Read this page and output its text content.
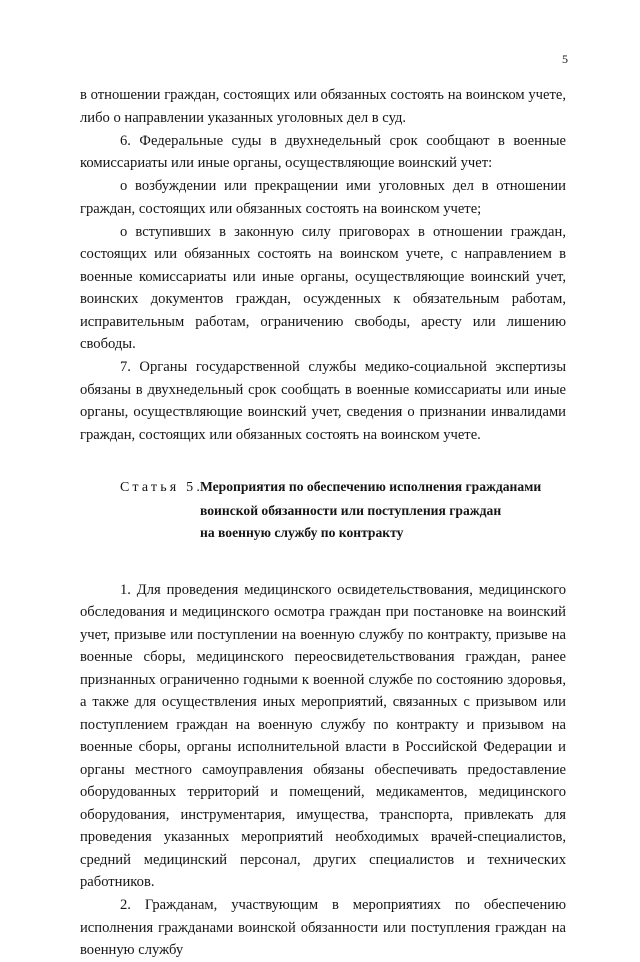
5

в отношении граждан, состоящих или обязанных состоять на воинском учете, либо о направлении указанных уголовных дел в суд.

6. Федеральные суды в двухнедельный срок сообщают в военные комиссариаты или иные органы, осуществляющие воинский учет:

о возбуждении или прекращении ими уголовных дел в отношении граждан, состоящих или обязанных состоять на воинском учете;

о вступивших в законную силу приговорах в отношении граждан, состоящих или обязанных состоять на воинском учете, с направлением в военные комиссариаты или иные органы, осуществляющие воинский учет, воинских документов граждан, осужденных к обязательным работам, исправительным работам, ограничению свободы, аресту или лишению свободы.

7. Органы государственной службы медико-социальной экспертизы обязаны в двухнедельный срок сообщать в военные комиссариаты или иные органы, осуществляющие воинский учет, сведения о признании инвалидами граждан, состоящих или обязанных состоять на воинском учете.

Статья 5.
Мероприятия по обеспечению исполнения гражданами
воинской обязанности или поступления граждан
на военную службу по контракту

1. Для проведения медицинского освидетельствования, медицинского обследования и медицинского осмотра граждан при постановке на воинский учет, призыве или поступлении на военную службу по контракту, призыве на военные сборы, медицинского переосвидетельствования граждан, ранее признанных ограниченно годными к военной службе по состоянию здоровья, а также для осуществления иных мероприятий, связанных с призывом или поступлением граждан на военную службу по контракту и призывом на военные сборы, органы исполнительной власти в Российской Федерации и органы местного самоуправления обязаны обеспечивать предоставление оборудованных территорий и помещений, медикаментов, медицинского оборудования, инструментария, имущества, транспорта, привлекать для проведения указанных мероприятий необходимых врачей-специалистов, средний медицинский персонал, других специалистов и технических работников.

2. Гражданам, участвующим в мероприятиях по обеспечению исполнения гражданами воинской обязанности или поступления граждан на военную службу
